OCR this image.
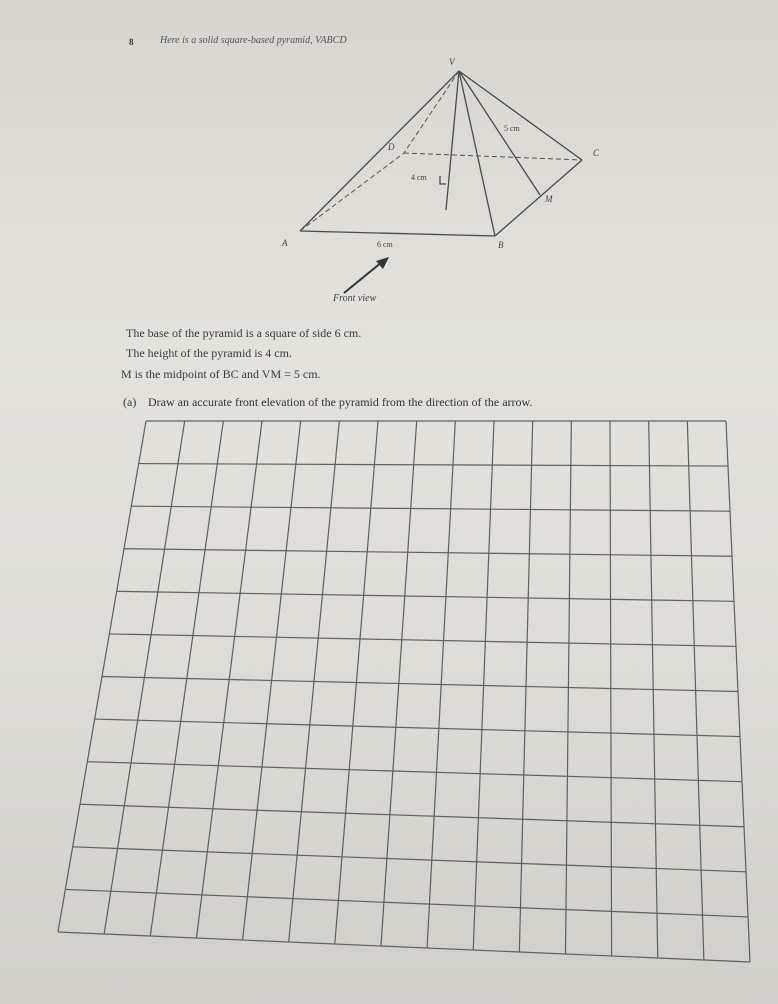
8	Here is a solid square-based pyramid, VABCD
V
D
C
M
A	B
5 cm
4 cm
6 cm
Front view
The base of the pyramid is a square of side 6 cm.
The height of the pyramid is 4 cm.
M is the midpoint of BC and VM = 5 cm.
(a) Draw an accurate front elevation of the pyramid from the direction of the arrow.
